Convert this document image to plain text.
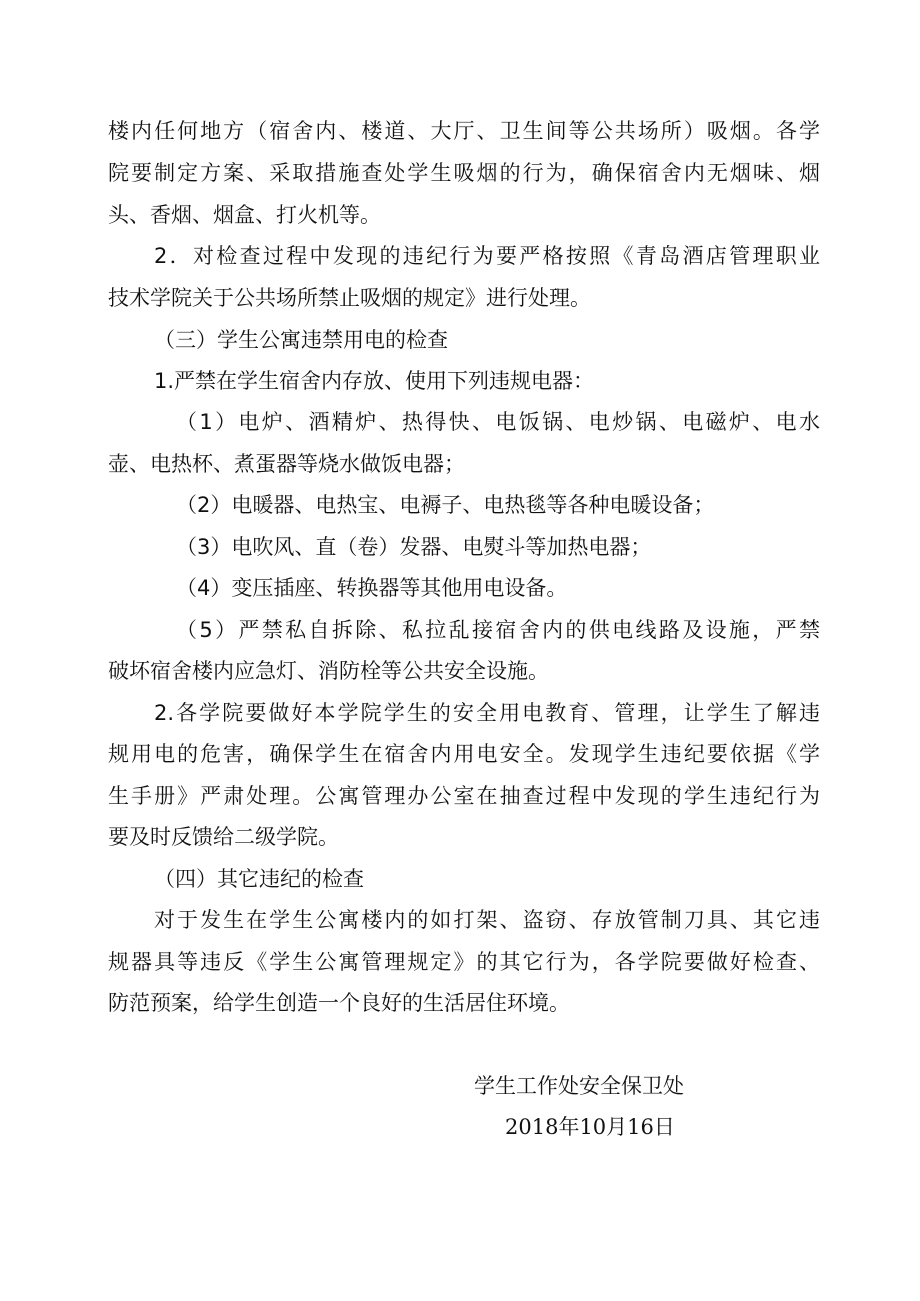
楼内任何地方（宿舍内、楼道、大厅、卫生间等公共场所）吸烟。各学
院要制定方案、采取措施查处学生吸烟的行为，确保宿舍内无烟味、烟
头、香烟、烟盒、打火机等。
2．对检查过程中发现的违纪行为要严格按照《青岛酒店管理职业
技术学院关于公共场所禁止吸烟的规定》进行处理。
（三）学生公寓违禁用电的检查
1.严禁在学生宿舍内存放、使用下列违规电器：
（1）电炉、酒精炉、热得快、电饭锅、电炒锅、电磁炉、电水
壶、电热杯、煮蛋器等烧水做饭电器；
（2）电暖器、电热宝、电褥子、电热毯等各种电暖设备；
（3）电吹风、直（卷）发器、电熨斗等加热电器；
（4）变压插座、转换器等其他用电设备。
（5）严禁私自拆除、私拉乱接宿舍内的供电线路及设施，严禁
破坏宿舍楼内应急灯、消防栓等公共安全设施。
2.各学院要做好本学院学生的安全用电教育、管理，让学生了解违
规用电的危害，确保学生在宿舍内用电安全。发现学生违纪要依据《学
生手册》严肃处理。公寓管理办公室在抽查过程中发现的学生违纪行为
要及时反馈给二级学院。
（四）其它违纪的检查
对于发生在学生公寓楼内的如打架、盗窃、存放管制刀具、其它违
规器具等违反《学生公寓管理规定》的其它行为，各学院要做好检查、
防范预案，给学生创造一个良好的生活居住环境。
学生工作处安全保卫处
2018年10月16日
